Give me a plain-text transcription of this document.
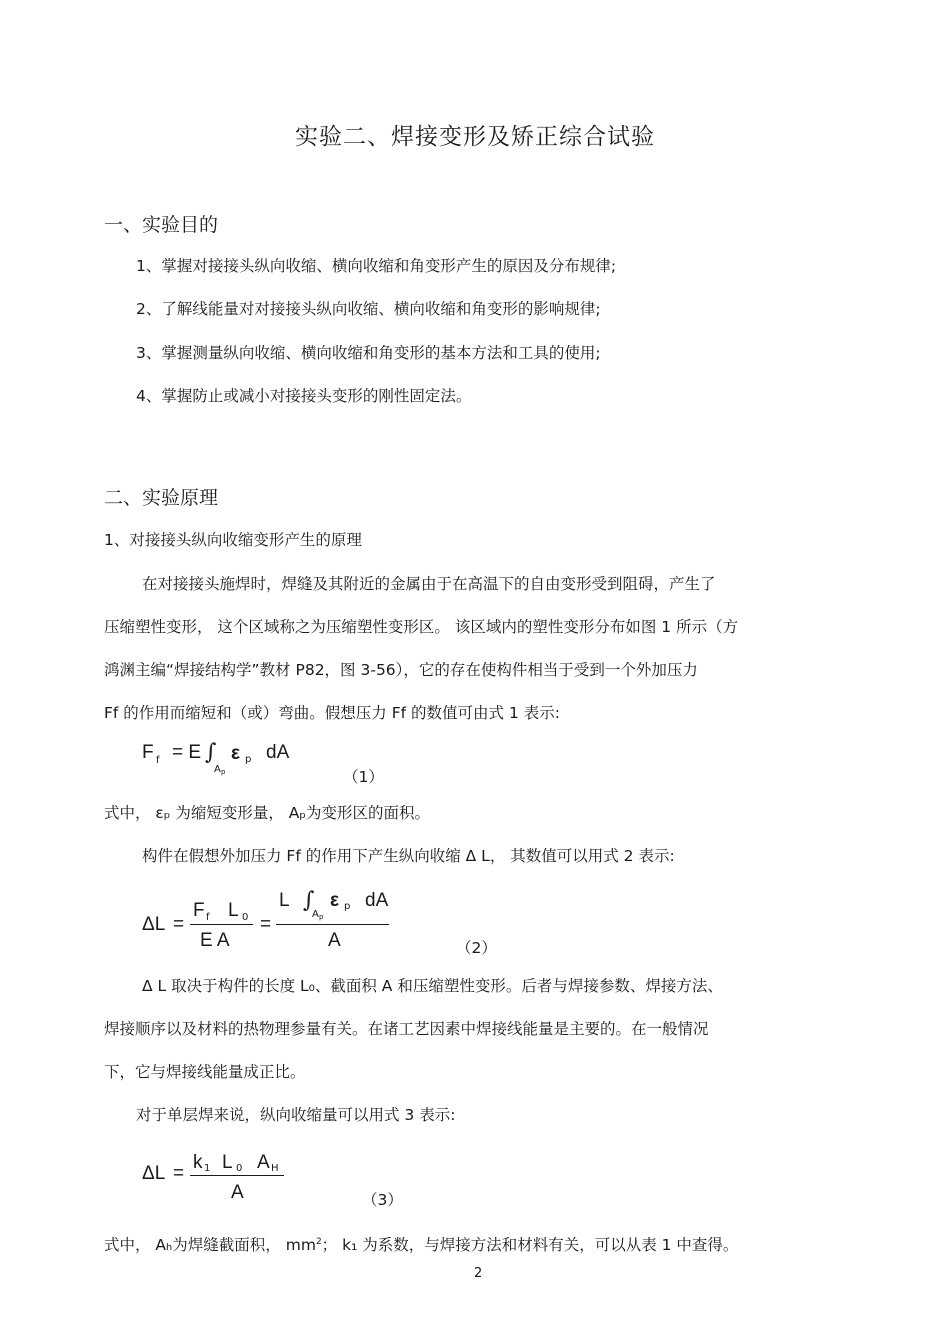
实验二、焊接变形及矫正综合试验
一、实验目的
1、掌握对接接头纵向收缩、横向收缩和角变形产生的原因及分布规律;
2、了解线能量对对接接头纵向收缩、横向收缩和角变形的影响规律;
3、掌握测量纵向收缩、横向收缩和角变形的基本方法和工具的使用;
4、掌握防止或减小对接接头变形的刚性固定法。
二、实验原理
1、对接接头纵向收缩变形产生的原理
在对接接头施焊时，焊缝及其附近的金属由于在高温下的自由变形受到阻碍，产生了
压缩塑性变形， 这个区域称之为压缩塑性变形区。 该区域内的塑性变形分布如图 1 所示（方
鸿渊主编“焊接结构学”教材 P82，图 3-56），它的存在使构件相当于受到一个外加压力
Ff 的作用而缩短和（或）弯曲。假想压力 Ff 的数值可由式 1 表示:
F f = E ∫
A p
ε p dA
（1）
式中， εₚ 为缩短变形量， Aₚ为变形区的面积。
构件在假想外加压力 Ff 的作用下产生纵向收缩 Δ L， 其数值可以用式 2 表示:
ΔL =
F f L 0
E A
=
L ∫
A p
ε p dA
A	（2）
Δ L 取决于构件的长度 L₀、截面积 A 和压缩塑性变形。后者与焊接参数、焊接方法、
焊接顺序以及材料的热物理参量有关。在诸工艺因素中焊接线能量是主要的。在一般情况
下，它与焊接线能量成正比。
对于单层焊来说，纵向收缩量可以用式 3 表示:
ΔL =
k 1 L 0 A H
A	（3）
式中， Aₕ为焊缝截面积， $mm^2$； k₁ 为系数，与焊接方法和材料有关，可以从表 1 中查得。
2
